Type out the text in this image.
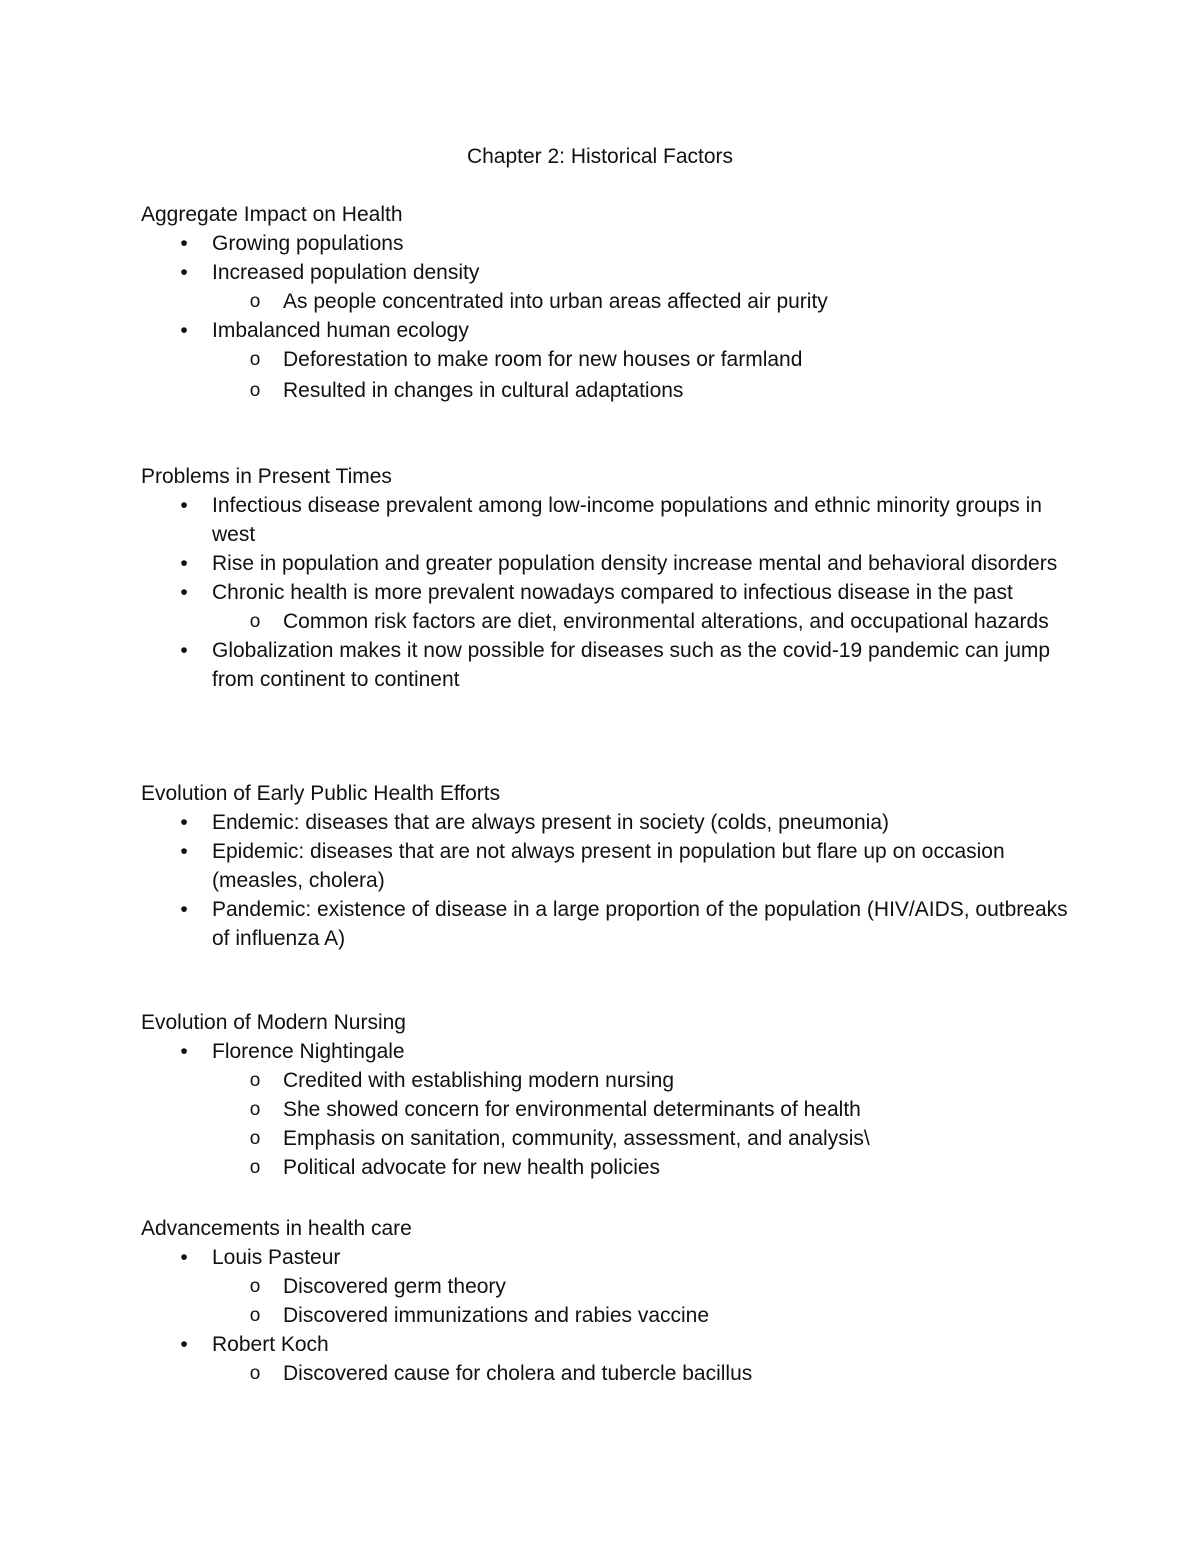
Chapter 2: Historical Factors
Aggregate Impact on Health
• Growing populations
• Increased population density
o As people concentrated into urban areas affected air purity
• Imbalanced human ecology
o Deforestation to make room for new houses or farmland
o Resulted in changes in cultural adaptations
Problems in Present Times
• Infectious disease prevalent among low-income populations and ethnic minority groups in west
• Rise in population and greater population density increase mental and behavioral disorders
• Chronic health is more prevalent nowadays compared to infectious disease in the past
o Common risk factors are diet, environmental alterations, and occupational hazards
• Globalization makes it now possible for diseases such as the covid-19 pandemic can jump from continent to continent
Evolution of Early Public Health Efforts
• Endemic: diseases that are always present in society (colds, pneumonia)
• Epidemic: diseases that are not always present in population but flare up on occasion (measles, cholera)
• Pandemic: existence of disease in a large proportion of the population (HIV/AIDS, outbreaks of influenza A)
Evolution of Modern Nursing
• Florence Nightingale
o Credited with establishing modern nursing
o She showed concern for environmental determinants of health
o Emphasis on sanitation, community, assessment, and analysis\
o Political advocate for new health policies
Advancements in health care
• Louis Pasteur
o Discovered germ theory
o Discovered immunizations and rabies vaccine
• Robert Koch
o Discovered cause for cholera and tubercle bacillus
